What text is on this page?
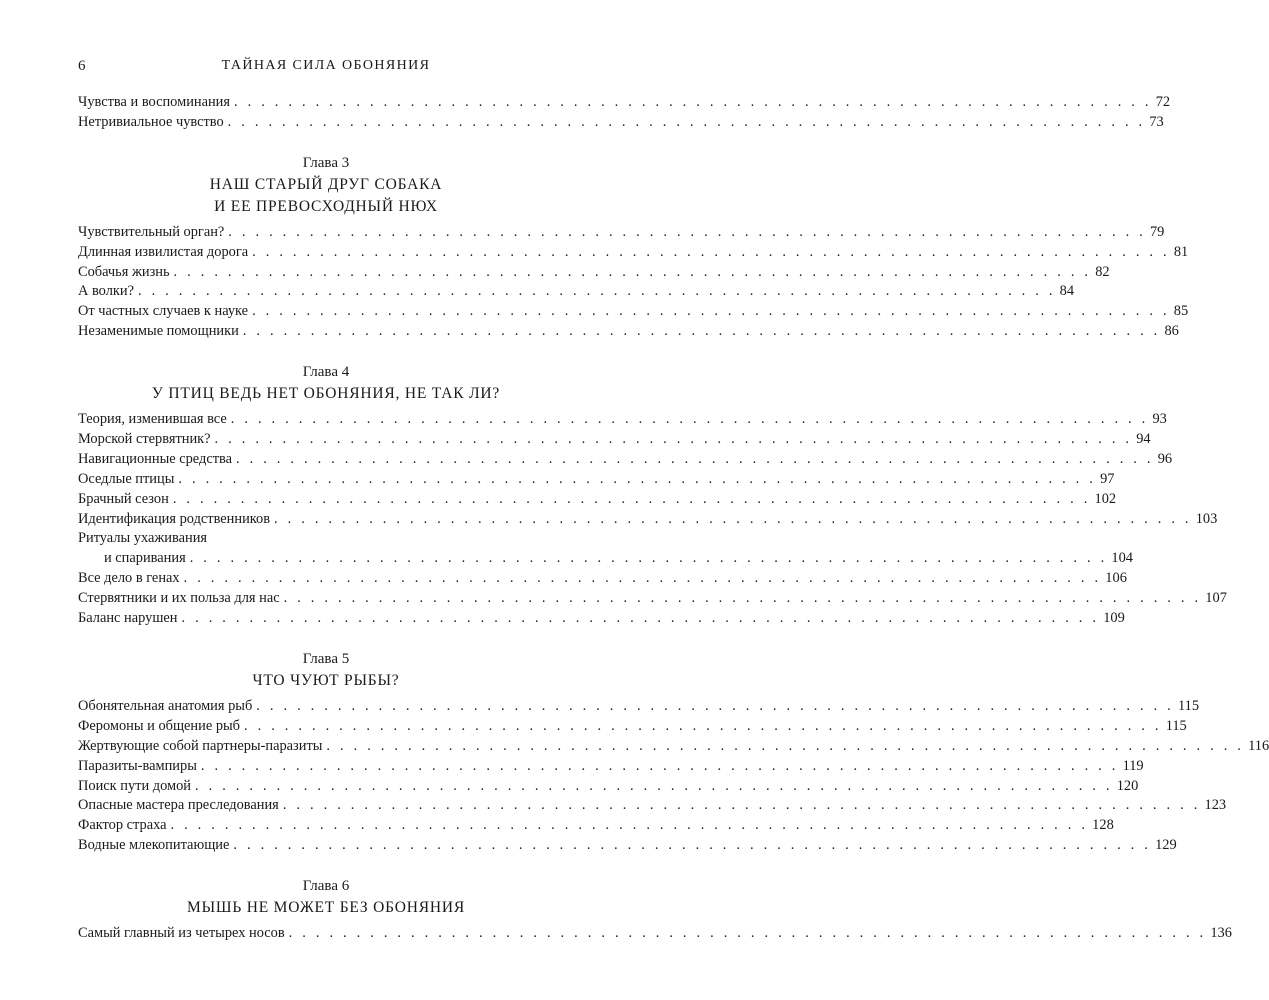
6	ТАЙНАЯ СИЛА ОБОНЯНИЯ
Чувства и воспоминания . . . . . . . . . . . . . . . . . . . . . . . . . . . . . . . . . . . . . . . . . . . . . . . . . . . . . . . . . . . . . . . . . . . . 72
Нетривиальное чувство . . . . . . . . . . . . . . . . . . . . . . . . . . . . . . . . . . . . . . . . . . . . . . . . . . . . . . . . . . . . . . . . . . . . 73
Глава 3
НАШ СТАРЫЙ ДРУГ СОБАКА
И ЕЕ ПРЕВОСХОДНЫЙ НЮХ
Чувствительный орган? . . . . . . . . . . . . . . . . . . . . . . . . . . . . . . . . . . . . . . . . . . . . . . . . . . . . . . . . . . . . . . . . . . . . 79
Длинная извилистая дорога . . . . . . . . . . . . . . . . . . . . . . . . . . . . . . . . . . . . . . . . . . . . . . . . . . . . . . . . . . . . . . . . . . . . 81
Собачья жизнь . . . . . . . . . . . . . . . . . . . . . . . . . . . . . . . . . . . . . . . . . . . . . . . . . . . . . . . . . . . . . . . . . . . . 82
А волки? . . . . . . . . . . . . . . . . . . . . . . . . . . . . . . . . . . . . . . . . . . . . . . . . . . . . . . . . . . . . . . . . . . . . 84
От частных случаев к науке . . . . . . . . . . . . . . . . . . . . . . . . . . . . . . . . . . . . . . . . . . . . . . . . . . . . . . . . . . . . . . . . . . . . 85
Незаменимые помощники . . . . . . . . . . . . . . . . . . . . . . . . . . . . . . . . . . . . . . . . . . . . . . . . . . . . . . . . . . . . . . . . . . . . 86
Глава 4
У ПТИЦ ВЕДЬ НЕТ ОБОНЯНИЯ, НЕ ТАК ЛИ?
Теория, изменившая все . . . . . . . . . . . . . . . . . . . . . . . . . . . . . . . . . . . . . . . . . . . . . . . . . . . . . . . . . . . . . . . . . . . . 93
Морской стервятник? . . . . . . . . . . . . . . . . . . . . . . . . . . . . . . . . . . . . . . . . . . . . . . . . . . . . . . . . . . . . . . . . . . . . 94
Навигационные средства . . . . . . . . . . . . . . . . . . . . . . . . . . . . . . . . . . . . . . . . . . . . . . . . . . . . . . . . . . . . . . . . . . . . 96
Оседлые птицы . . . . . . . . . . . . . . . . . . . . . . . . . . . . . . . . . . . . . . . . . . . . . . . . . . . . . . . . . . . . . . . . . . . . 97
Брачный сезон . . . . . . . . . . . . . . . . . . . . . . . . . . . . . . . . . . . . . . . . . . . . . . . . . . . . . . . . . . . . . . . . . . . . 102
Идентификация родственников . . . . . . . . . . . . . . . . . . . . . . . . . . . . . . . . . . . . . . . . . . . . . . . . . . . . . . . . . . . . . . . . . . . . 103
Ритуалы ухаживания
и спаривания . . . . . . . . . . . . . . . . . . . . . . . . . . . . . . . . . . . . . . . . . . . . . . . . . . . . . . . . . . . . . . . . . . . . 104
Все дело в генах . . . . . . . . . . . . . . . . . . . . . . . . . . . . . . . . . . . . . . . . . . . . . . . . . . . . . . . . . . . . . . . . . . . . 106
Стервятники и их польза для нас . . . . . . . . . . . . . . . . . . . . . . . . . . . . . . . . . . . . . . . . . . . . . . . . . . . . . . . . . . . . . . . . . . . . 107
Баланс нарушен . . . . . . . . . . . . . . . . . . . . . . . . . . . . . . . . . . . . . . . . . . . . . . . . . . . . . . . . . . . . . . . . . . . . 109
Глава 5
ЧТО ЧУЮТ РЫБЫ?
Обонятельная анатомия рыб . . . . . . . . . . . . . . . . . . . . . . . . . . . . . . . . . . . . . . . . . . . . . . . . . . . . . . . . . . . . . . . . . . . . 115
Феромоны и общение рыб . . . . . . . . . . . . . . . . . . . . . . . . . . . . . . . . . . . . . . . . . . . . . . . . . . . . . . . . . . . . . . . . . . . . 115
Жертвующие собой партнеры-паразиты . . . . . . . . . . . . . . . . . . . . . . . . . . . . . . . . . . . . . . . . . . . . . . . . . . . . . . . . . . . . . . . . . . . . 116
Паразиты-вампиры . . . . . . . . . . . . . . . . . . . . . . . . . . . . . . . . . . . . . . . . . . . . . . . . . . . . . . . . . . . . . . . . . . . . 119
Поиск пути домой . . . . . . . . . . . . . . . . . . . . . . . . . . . . . . . . . . . . . . . . . . . . . . . . . . . . . . . . . . . . . . . . . . . . 120
Опасные мастера преследования . . . . . . . . . . . . . . . . . . . . . . . . . . . . . . . . . . . . . . . . . . . . . . . . . . . . . . . . . . . . . . . . . . . . 123
Фактор страха . . . . . . . . . . . . . . . . . . . . . . . . . . . . . . . . . . . . . . . . . . . . . . . . . . . . . . . . . . . . . . . . . . . . 128
Водные млекопитающие . . . . . . . . . . . . . . . . . . . . . . . . . . . . . . . . . . . . . . . . . . . . . . . . . . . . . . . . . . . . . . . . . . . . 129
Глава 6
МЫШЬ НЕ МОЖЕТ БЕЗ ОБОНЯНИЯ
Самый главный из четырех носов . . . . . . . . . . . . . . . . . . . . . . . . . . . . . . . . . . . . . . . . . . . . . . . . . . . . . . . . . . . . . . . . . . . . 136
